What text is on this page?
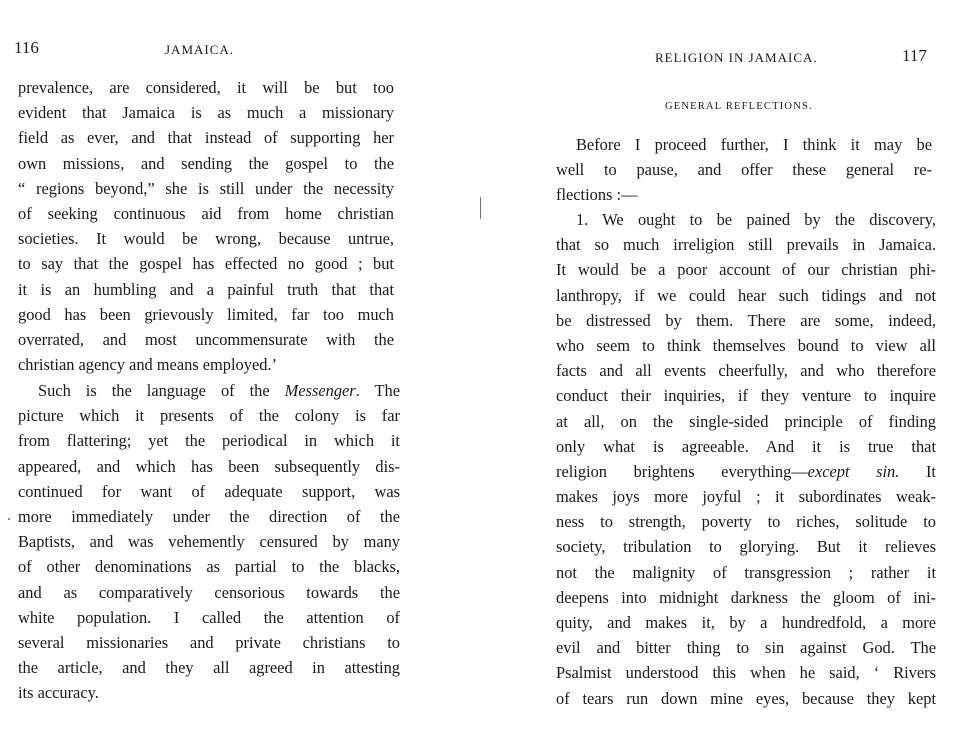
116	JAMAICA.
prevalence, are considered, it will be but too
evident that Jamaica is as much a missionary
field as ever, and that instead of supporting her
own missions, and sending the gospel to the
“ regions beyond,” she is still under the necessity
of seeking continuous aid from home christian
societies. It would be wrong, because untrue,
to say that the gospel has effected no good ; but
it is an humbling and a painful truth that that
good has been grievously limited, far too much
overrated, and most uncommensurate with the
christian agency and means employed.’
Such is the language of the Messenger. The
picture which it presents of the colony is far
from flattering; yet the periodical in which it
appeared, and which has been subsequently dis-
continued for want of adequate support, was
more immediately under the direction of the
Baptists, and was vehemently censured by many
of other denominations as partial to the blacks,
and as comparatively censorious towards the
white population. I called the attention of
several missionaries and private christians to
the article, and they all agreed in attesting
its accuracy.
RELIGION IN JAMAICA.	117
GENERAL REFLECTIONS.
Before I proceed further, I think it may be
well to pause, and offer these general re-
flections :—
1. We ought to be pained by the discovery,
that so much irreligion still prevails in Jamaica.
It would be a poor account of our christian phi-
lanthropy, if we could hear such tidings and not
be distressed by them. There are some, indeed,
who seem to think themselves bound to view all
facts and all events cheerfully, and who therefore
conduct their inquiries, if they venture to inquire
at all, on the single-sided principle of finding
only what is agreeable. And it is true that
religion brightens everything—except sin. It
makes joys more joyful ; it subordinates weak-
ness to strength, poverty to riches, solitude to
society, tribulation to glorying. But it relieves
not the malignity of transgression ; rather it
deepens into midnight darkness the gloom of ini-
quity, and makes it, by a hundredfold, a more
evil and bitter thing to sin against God. The
Psalmist understood this when he said, ‘ Rivers
of tears run down mine eyes, because they kept
